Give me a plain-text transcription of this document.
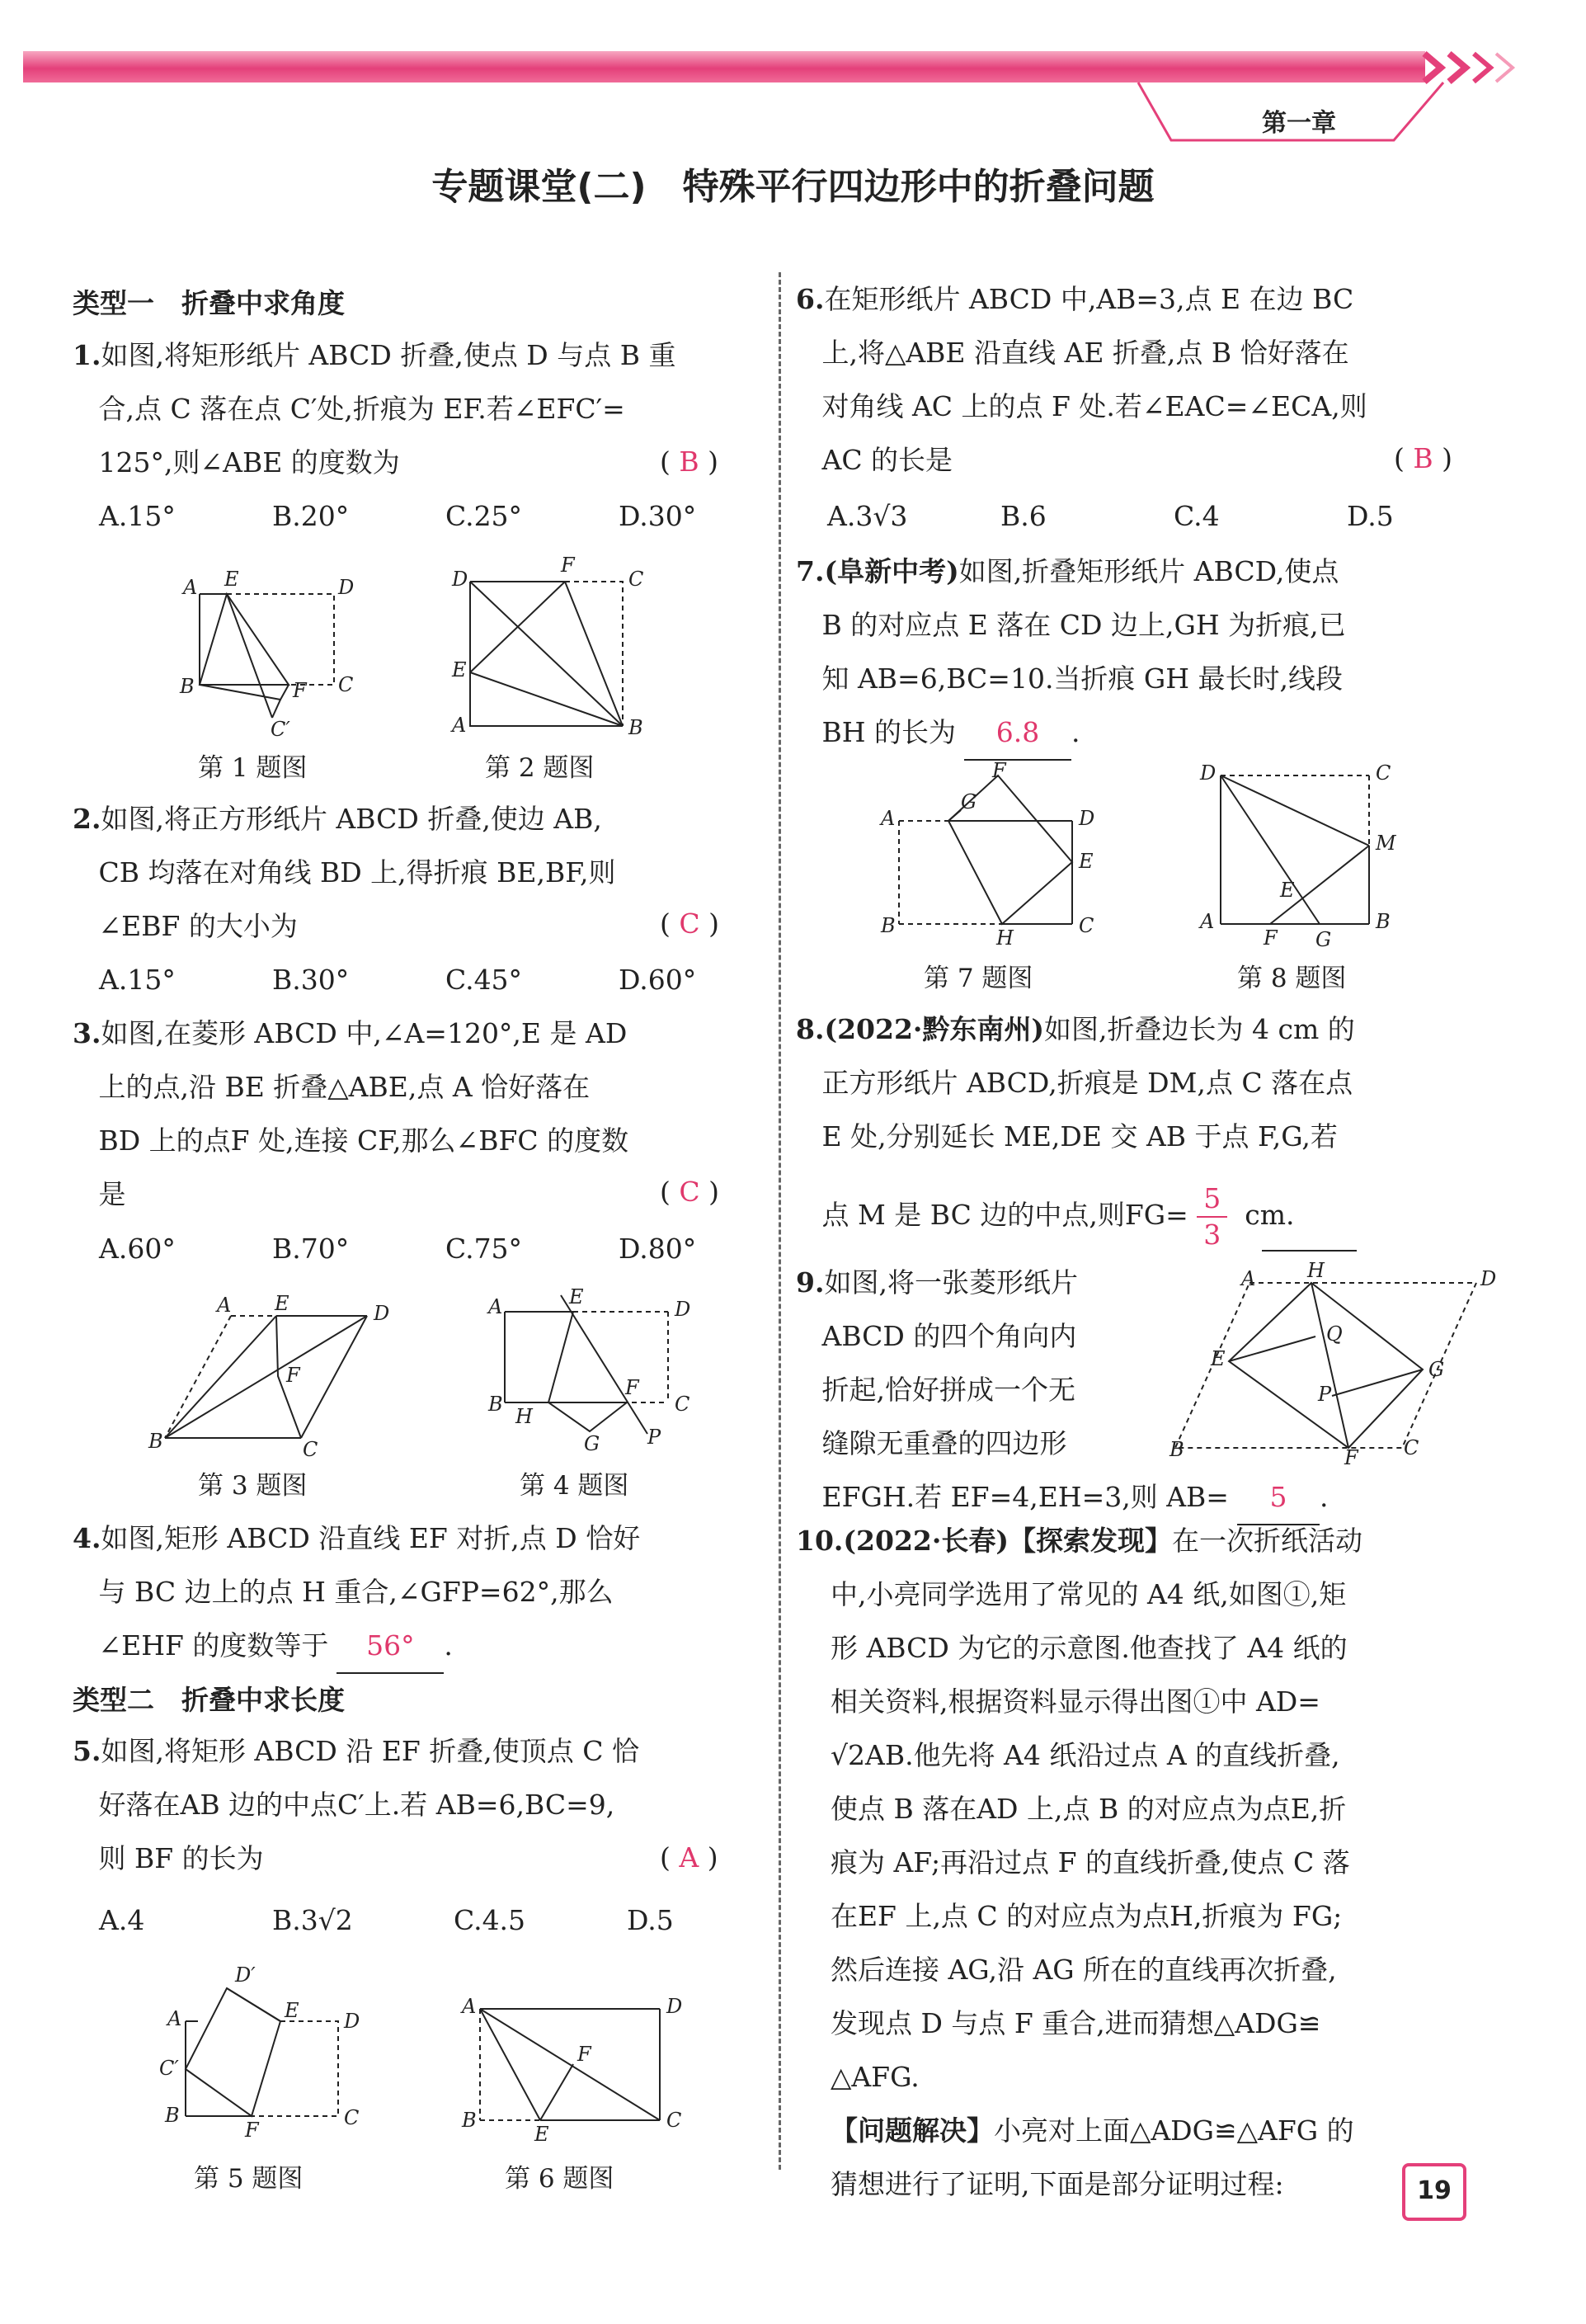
第一章
专题课堂(二)　特殊平行四边形中的折叠问题
类型一　折叠中求角度
1.如图,将矩形纸片 ABCD 折叠,使点 D 与点 B 重
合,点 C 落在点 C′处,折痕为 EF.若∠EFC′=
125°,则∠ABE 的度数为	( B )
A.15°	B.20°	C.25°	D.30°
A E	D
B	F C
C′
第 1 题图
D
F
C
E
A	B
第 2 题图
2.如图,将正方形纸片 ABCD 折叠,使边 AB,
CB 均落在对角线 BD 上,得折痕 BE,BF,则
∠EBF 的大小为	( C )
A.15°	B.30°	C.45°	D.60°
3.如图,在菱形 ABCD 中,∠A=120°,E 是 AD
上的点,沿 BE 折叠△ABE,点 A 恰好落在
BD 上的点F 处,连接 CF,那么∠BFC 的度数
是	( C )
A.60°	B.70°	C.75°	D.80°
A E	D
F
B	C
第 3 题图
A	E
D
B
H
F
C
G P
第 4 题图
4.如图,矩形 ABCD 沿直线 EF 对折,点 D 恰好
与 BC 边上的点 H 重合,∠GFP=62°,那么
∠EHF 的度数等于 56° .
类型二　折叠中求长度
5.如图,将矩形 ABCD 沿 EF 折叠,使顶点 C 恰
好落在AB 边的中点C′上.若 AB=6,BC=9,
则 BF 的长为	( A )
A.4	B.3√2	C.4.5	D.5
A
D′
E D
C′
B
F
C
第 5 题图
A	D
F
B
E
C
第 6 题图
6.在矩形纸片 ABCD 中,AB=3,点 E 在边 BC
上,将△ABE 沿直线 AE 折叠,点 B 恰好落在
对角线 AC 上的点 F 处.若∠EAC=∠ECA,则
AC 的长是	( B )
A.3√3	B.6	C.4	D.5
7.(阜新中考)如图,折叠矩形纸片 ABCD,使点
B 的对应点 E 落在 CD 边上,GH 为折痕,已
知 AB=6,BC=10.当折痕 GH 最长时,线段
BH 的长为 6.8 .
A
G
F
D
E
B
H
C
第 7 题图
D	C
M
E
A
F G
B
第 8 题图
8.(2022·黔东南州)如图,折叠边长为 4 cm 的
正方形纸片 ABCD,折痕是 DM,点 C 落在点
E 处,分别延长 ME,DE 交 AB 于点 F,G,若
点 M 是 BC 边的中点,则$FG= \frac{5}{3}$ cm.
9.如图,将一张菱形纸片
ABCD 的四个角向内
折起,恰好拼成一个无
缝隙无重叠的四边形
EFGH.若 EF=4,EH=3,则 AB= 5 .
A	H	D
E
Q
P
G
B	F C
10.(2022·长春)【探索发现】在一次折纸活动
中,小亮同学选用了常见的 A4 纸,如图①,矩
形 ABCD 为它的示意图.他查找了 A4 纸的
相关资料,根据资料显示得出图①中 AD=
√2AB.他先将 A4 纸沿过点 A 的直线折叠,
使点 B 落在AD 上,点 B 的对应点为点E,折
痕为 AF;再沿过点 F 的直线折叠,使点 C 落
在EF 上,点 C 的对应点为点H,折痕为 FG;
然后连接 AG,沿 AG 所在的直线再次折叠,
发现点 D 与点 F 重合,进而猜想△ADG≌
△AFG.
【问题解决】小亮对上面△ADG≌△AFG 的
猜想进行了证明,下面是部分证明过程:	19
